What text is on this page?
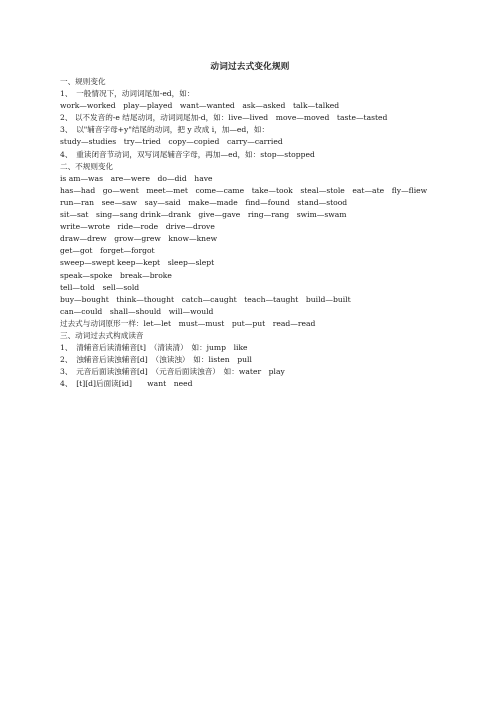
动词过去式变化规则
一、规则变化
1、　一般情况下，动词词尾加-ed，如：
work—worked　play—played　want—wanted　ask—asked　talk—talked
2、 以不发音的-e 结尾动词，动词词尾加-d，如：live—lived　move—moved　taste—tasted
3、　以"辅音字母+y"结尾的动词，把 y 改成 i，加—ed，如：
study—studies　try—tried　copy—copied　carry—carried
4、　重读闭音节动词，双写词尾辅音字母，再加—ed，如：stop—stopped
二、不规则变化
is am—was　are—were　do—did　have
has—had　go—went　meet—met　come—came　take—took　steal—stole　eat—ate　fly—fliew　run—ran　see—saw　say—said　make—made　find—found　stand—stood
sit—sat　sing—sang drink—drank　give—gave　ring—rang　swim—swam
write—wrote　ride—rode　drive—drove
draw—drew　grow—grew　know—knew
get—got　forget—forgot
sweep—swept keep—kept　sleep—slept
speak—spoke　break—broke
tell—told　sell—sold
buy—bought　think—thought　catch—caught　teach—taught　build—built
can—could　shall—should　will—would
过去式与动词原形一样：let—let　must—must　put—put　read—read
三、动词过去式构成读音
1、　清辅音后读清辅音[t]　（清读清）　如：jump　like
2、　浊辅音后读浊辅音[d]　（浊读浊）　如：listen　pull
3、　元音后面读浊辅音[d]　（元音后面读浊音）　如：water　play
4、　[t][d]后面读[id]　　want　need
